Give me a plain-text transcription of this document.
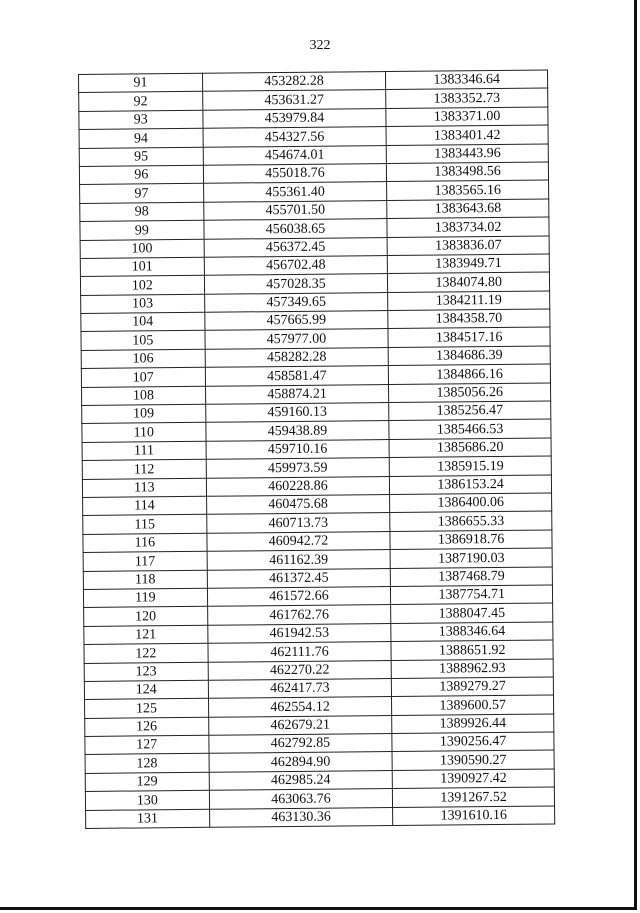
322
91	453282.28	1383346.64
92	453631.27	1383352.73
93	453979.84	1383371.00
94	454327.56	1383401.42
95	454674.01	1383443.96
96	455018.76	1383498.56
97	455361.40	1383565.16
98	455701.50	1383643.68
99	456038.65	1383734.02
100	456372.45	1383836.07
101	456702.48	1383949.71
102	457028.35	1384074.80
103	457349.65	1384211.19
104	457665.99	1384358.70
105	457977.00	1384517.16
106	458282.28	1384686.39
107	458581.47	1384866.16
108	458874.21	1385056.26
109	459160.13	1385256.47
110	459438.89	1385466.53
111	459710.16	1385686.20
112	459973.59	1385915.19
113	460228.86	1386153.24
114	460475.68	1386400.06
115	460713.73	1386655.33
116	460942.72	1386918.76
117	461162.39	1387190.03
118	461372.45	1387468.79
119	461572.66	1387754.71
120	461762.76	1388047.45
121	461942.53	1388346.64
122	462111.76	1388651.92
123	462270.22	1388962.93
124	462417.73	1389279.27
125	462554.12	1389600.57
126	462679.21	1389926.44
127	462792.85	1390256.47
128	462894.90	1390590.27
129	462985.24	1390927.42
130	463063.76	1391267.52
131	463130.36	1391610.16
